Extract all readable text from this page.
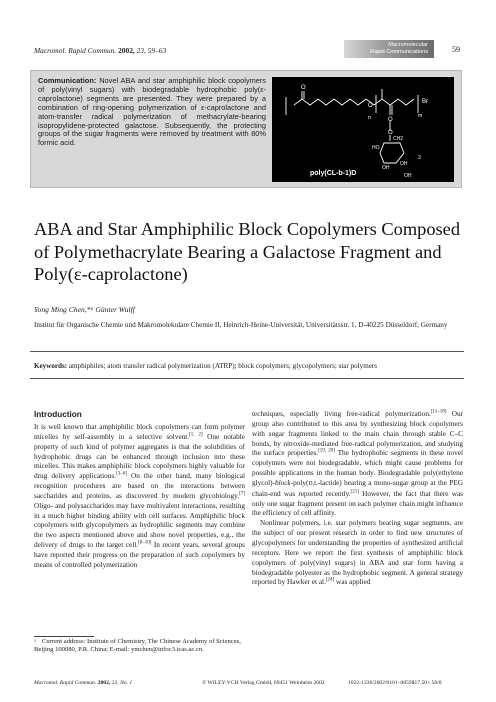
Macromol. Rapid Commun. 2002, 23, 59–63
Macromolecular
Rapid Communications	59
Communication: Novel ABA and star amphiphilic block copolymers of poly(vinyl sugars) with biodegradable hydrophobic poly(ε-caprolactone) segments are presented. They were prepared by a combination of ring-opening polymerization of ε-caprolactone and atom-transfer radical polymerization of methacrylate-bearing isopropylidene-protected galactose. Subsequently, the protecting groups of the sugar fragments were removed by treatment with 80% formic acid.
O
O
O
O
Br
n	m
3
CH2
HO
OH
OH
OH
poly(CL-b-1)D
ABA and Star Amphiphilic Block Copolymers Composed of Polymethacrylate Bearing a Galactose Fragment and Poly(ε-caprolactone)
Yong Ming Chen,*ᵃ Günter Wulff
Institut für Organische Chemie und Makromolekulare Chemie II, Heinrich-Heine-Universität, Universitätsstr. 1, D-40225 Düsseldorf, Germany
Keywords: amphiphiles; atom transfer radical polymerization (ATRP); block copolymers; glycopolymers; star polymers
Introduction
It is well known that amphiphilic block copolymers can form polymer micelles by self-assembly in a selective solvent.[1, 2] One notable property of such kind of polymer aggregates is that the solubilities of hydrophobic drugs can be enhanced through inclusion into these micelles. This makes amphiphilic block copolymers highly valuable for drug delivery applications.[3–6] On the other hand, many biological recognition procedures are based on the interactions between saccharides and proteins, as discovered by modern glycobiology.[7] Oligo- and polysaccharides may have multivalent interactions, resulting in a much higher binding ability with cell surfaces. Amphiphilic block copolymers with glycopolymers as hydrophilic segments may combine the two aspects mentioned above and show novel properties, e.g., the delivery of drugs to the target cell.[8–10] In recent years, several groups have reported their progress on the preparation of such copolymers by means of controlled polymerization
techniques, especially living free-radical polymerization.[11–18] Our group also contributed to this area by synthesizing block copolymers with sugar fragments linked to the main chain through stable C–C bonds, by nitroxide-mediated free-radical polymerization, and studying the surface properties.[19, 20] The hydrophobic segments in these novel copolymers were not biodegradable, which might cause problems for possible applications in the human body. Biodegradable poly(ethylene glycol)-block-poly(D,L-lactide) bearing a mono-sugar group at the PEG chain-end was reported recently.[21] However, the fact that there was only one sugar fragment present on each polymer chain might influence the efficiency of cell affinity.
Nonlinear polymers, i.e. star polymers bearing sugar segments, are the subject of our present research in order to find new structures of glycopolymers for understanding the properties of synthesized artificial receptors. Here we report the first synthesis of amphiphilic block copolymers of poly(vinyl sugars) in ABA and star form having a biodegradable polyester as the hydrophobic segment. A general strategy reported by Hawker et al.[24] was applied
ᵃ Current address: Institute of Chemistry, The Chinese Academy of Sciences, Beijing 100080, P.R. China; E-mail: ymchen@infoc3.icas.ac.cn.
Macromol. Rapid Commun. 2002, 23, No. 1	© WILEY-VCH Verlag GmbH, 69451 Weinheim 2002	1022-1336/2002/0101–0059$17.50+.50/0
